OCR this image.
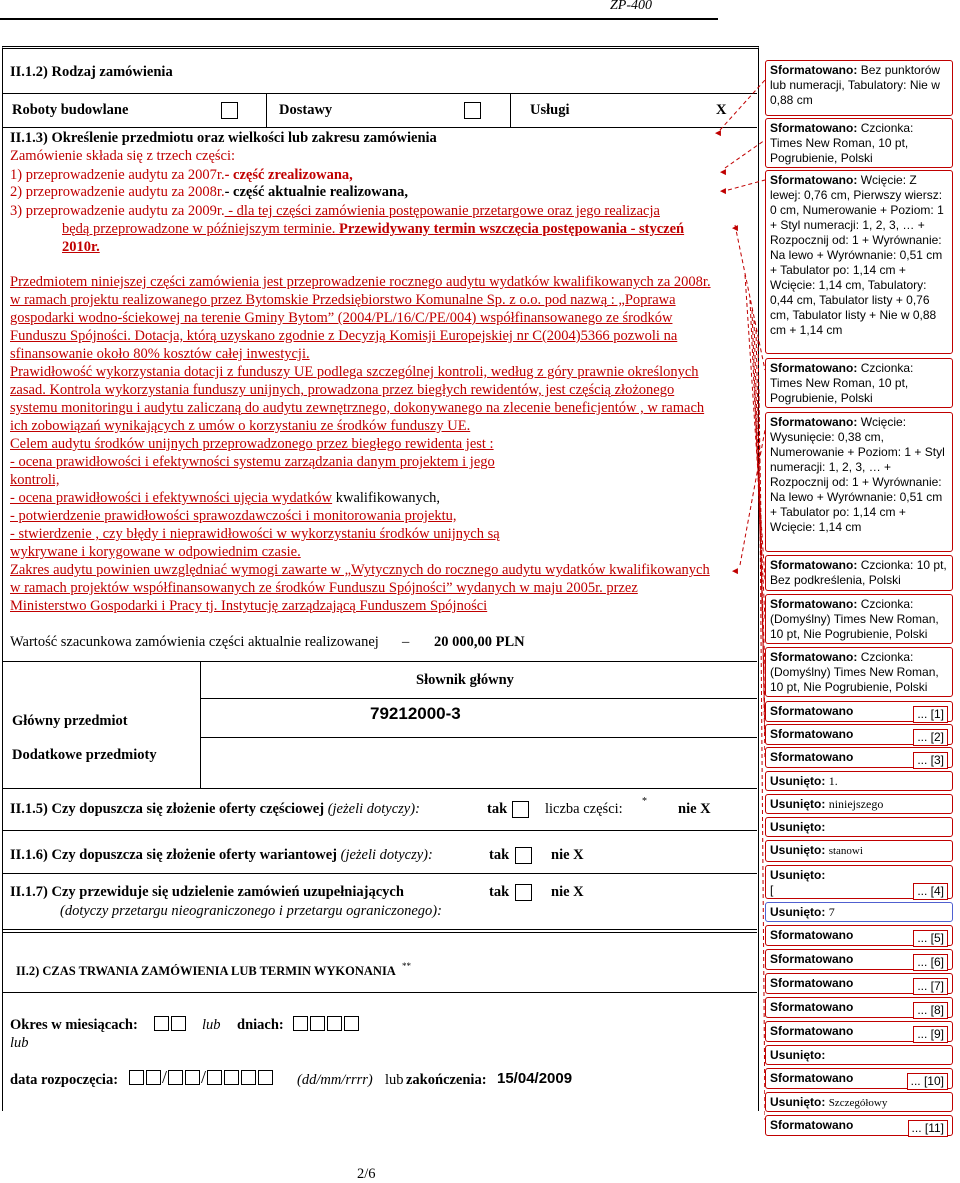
ZP-400
II.1.2) Rodzaj zamówienia
Roboty budowlane	Dostawy	Usługi	X
II.1.3) Określenie przedmiotu oraz wielkości lub zakresu zamówienia
Zamówienie składa się z trzech części:
1) przeprowadzenie audytu za 2007r.- część zrealizowana,
2) przeprowadzenie audytu za 2008r.- część aktualnie realizowana,
3) przeprowadzenie audytu za 2009r. - dla tej części zamówienia postępowanie przetargowe oraz jego realizacja
będą przeprowadzone w późniejszym terminie. Przewidywany termin wszczęcia postępowania - styczeń
2010r.
Przedmiotem niniejszej części zamówienia jest przeprowadzenie rocznego audytu wydatków kwalifikowanych za 2008r.
w ramach projektu realizowanego przez Bytomskie Przedsiębiorstwo Komunalne Sp. z o.o. pod nazwą : „Poprawa
gospodarki wodno-ściekowej na terenie Gminy Bytom” (2004/PL/16/C/PE/004) współfinansowanego ze środków
Funduszu Spójności. Dotacja, którą uzyskano zgodnie z Decyzją Komisji Europejskiej nr C(2004)5366 pozwoli na
sfinansowanie około 80% kosztów całej inwestycji.
Prawidłowość wykorzystania dotacji z funduszy UE podlega szczególnej kontroli, według z góry prawnie określonych
zasad. Kontrola wykorzystania funduszy unijnych, prowadzona przez biegłych rewidentów, jest częścią złożonego
systemu monitoringu i audytu zaliczaną do audytu zewnętrznego, dokonywanego na zlecenie beneficjentów , w ramach
ich zobowiązań wynikających z umów o korzystaniu ze środków funduszy UE.
Celem audytu środków unijnych przeprowadzonego przez biegłego rewidenta jest :
- ocena prawidłowości i efektywności systemu zarządzania danym projektem i jego
kontroli,
- ocena prawidłowości i efektywności ujęcia wydatków kwalifikowanych,
- potwierdzenie prawidłowości sprawozdawczości i monitorowania projektu,
- stwierdzenie , czy błędy i nieprawidłowości w wykorzystaniu środków unijnych są
wykrywane i korygowane w odpowiednim czasie.
Zakres audytu powinien uwzględniać wymogi zawarte w „Wytycznych do rocznego audytu wydatków kwalifikowanych
w ramach projektów współfinansowanych ze środków Funduszu Spójności” wydanych w maju 2005r. przez
Ministerstwo Gospodarki i Pracy tj. Instytucję zarządzającą Funduszem Spójności
Wartość szacunkowa zamówienia części aktualnie realizowanej – 20 000,00 PLN
Słownik główny
Główny przedmiot	79212000-3
Dodatkowe przedmioty
II.1.5) Czy dopuszcza się złożenie oferty częściowej (jeżeli dotyczy):	tak	liczba części: * nie X
II.1.6) Czy dopuszcza się złożenie oferty wariantowej (jeżeli dotyczy):	tak	nie X
II.1.7) Czy przewiduje się udzielenie zamówień uzupełniających
(dotyczy przetargu nieograniczonego i przetargu ograniczonego):
tak	nie X
II.2) CZAS TRWANIA ZAMÓWIENIA LUB TERMIN WYKONANIA **
Okres w miesiącach:	lub dniach:
lub
data rozpoczęcia:	/ /	(dd/mm/rrrr) lub zakończenia: 15/04/2009
2/6
◄
◄
◄
◄
◄
Sformatowano: Bez punktorów lub numeracji, Tabulatory: Nie w 0,88 cm
Sformatowano: Czcionka: Times New Roman, 10 pt, Pogrubienie, Polski
Sformatowano: Wcięcie: Z lewej: 0,76 cm, Pierwszy wiersz: 0 cm, Numerowanie + Poziom: 1 + Styl numeracji: 1, 2, 3, … + Rozpocznij od: 1 + Wyrównanie: Na lewo + Wyrównanie: 0,51 cm + Tabulator po: 1,14 cm + Wcięcie: 1,14 cm, Tabulatory: 0,44 cm, Tabulator listy + 0,76 cm, Tabulator listy + Nie w 0,88 cm + 1,14 cm
Sformatowano: Czcionka: Times New Roman, 10 pt, Pogrubienie, Polski
Sformatowano: Wcięcie: Wysunięcie: 0,38 cm, Numerowanie + Poziom: 1 + Styl numeracji: 1, 2, 3, … + Rozpocznij od: 1 + Wyrównanie: Na lewo + Wyrównanie: 0,51 cm + Tabulator po: 1,14 cm + Wcięcie: 1,14 cm
Sformatowano: Czcionka: 10 pt, Bez podkreślenia, Polski
Sformatowano: Czcionka: (Domyślny) Times New Roman, 10 pt, Nie Pogrubienie, Polski
Sformatowano: Czcionka: (Domyślny) Times New Roman, 10 pt, Nie Pogrubienie, Polski
Sformatowano	... [1]
Sformatowano	... [2]
Sformatowano	... [3]
Usunięto: 1.
Usunięto: niniejszego
Usunięto:
Usunięto: stanowi
Usunięto:
[	... [4]
Usunięto: 7
Sformatowano	... [5]
Sformatowano	... [6]
Sformatowano	... [7]
Sformatowano	... [8]
Sformatowano	... [9]
Usunięto:
Sformatowano	... [10]
Usunięto: Szczegółowy
Sformatowano	... [11]
